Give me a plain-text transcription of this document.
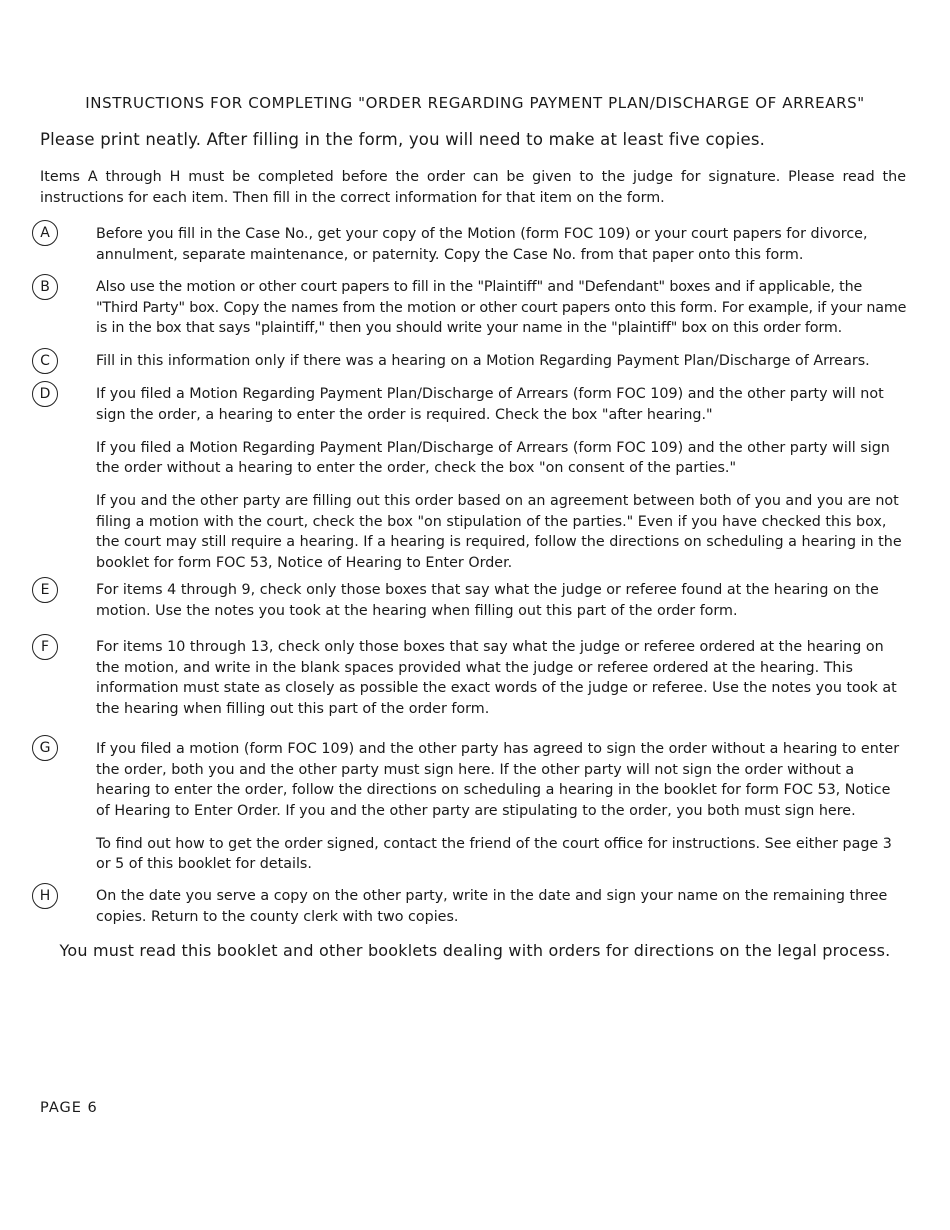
INSTRUCTIONS FOR COMPLETING "ORDER REGARDING PAYMENT PLAN/DISCHARGE OF ARREARS"
Please print neatly. After filling in the form, you will need to make at least five copies.
Items A through H must be completed before the order can be given to the judge for signature. Please read the instructions for each item. Then fill in the correct information for that item on the form.
A	Before you fill in the Case No., get your copy of the Motion (form FOC 109) or your court papers for divorce, annulment, separate maintenance, or paternity. Copy the Case No. from that paper onto this form.

B	Also use the motion or other court papers to fill in the "Plaintiff" and "Defendant" boxes and if applicable, the "Third Party" box. Copy the names from the motion or other court papers onto this form. For example, if your name is in the box that says "plaintiff," then you should write your name in the "plaintiff" box on this order form.

C	Fill in this information only if there was a hearing on a Motion Regarding Payment Plan/Discharge of Arrears.

D	If you filed a Motion Regarding Payment Plan/Discharge of Arrears (form FOC 109) and the other party will not sign the order, a hearing to enter the order is required. Check the box "after hearing."

If you filed a Motion Regarding Payment Plan/Discharge of Arrears (form FOC 109) and the other party will sign the order without a hearing to enter the order, check the box "on consent of the parties."

If you and the other party are filling out this order based on an agreement between both of you and you are not filing a motion with the court, check the box "on stipulation of the parties." Even if you have checked this box, the court may still require a hearing. If a hearing is required, follow the directions on scheduling a hearing in the booklet for form FOC 53, Notice of Hearing to Enter Order.

E	For items 4 through 9, check only those boxes that say what the judge or referee found at the hearing on the motion. Use the notes you took at the hearing when filling out this part of the order form.

F	For items 10 through 13, check only those boxes that say what the judge or referee ordered at the hearing on the motion, and write in the blank spaces provided what the judge or referee ordered at the hearing. This information must state as closely as possible the exact words of the judge or referee. Use the notes you took at the hearing when filling out this part of the order form.

G	If you filed a motion (form FOC 109) and the other party has agreed to sign the order without a hearing to enter the order, both you and the other party must sign here. If the other party will not sign the order without a hearing to enter the order, follow the directions on scheduling a hearing in the booklet for form FOC 53, Notice of Hearing to Enter Order. If you and the other party are stipulating to the order, you both must sign here.

To find out how to get the order signed, contact the friend of the court office for instructions. See either page 3 or 5 of this booklet for details.

H	On the date you serve a copy on the other party, write in the date and sign your name on the remaining three copies. Return to the county clerk with two copies.

You must read this booklet and other booklets dealing with orders for directions on the legal process.
PAGE 6
